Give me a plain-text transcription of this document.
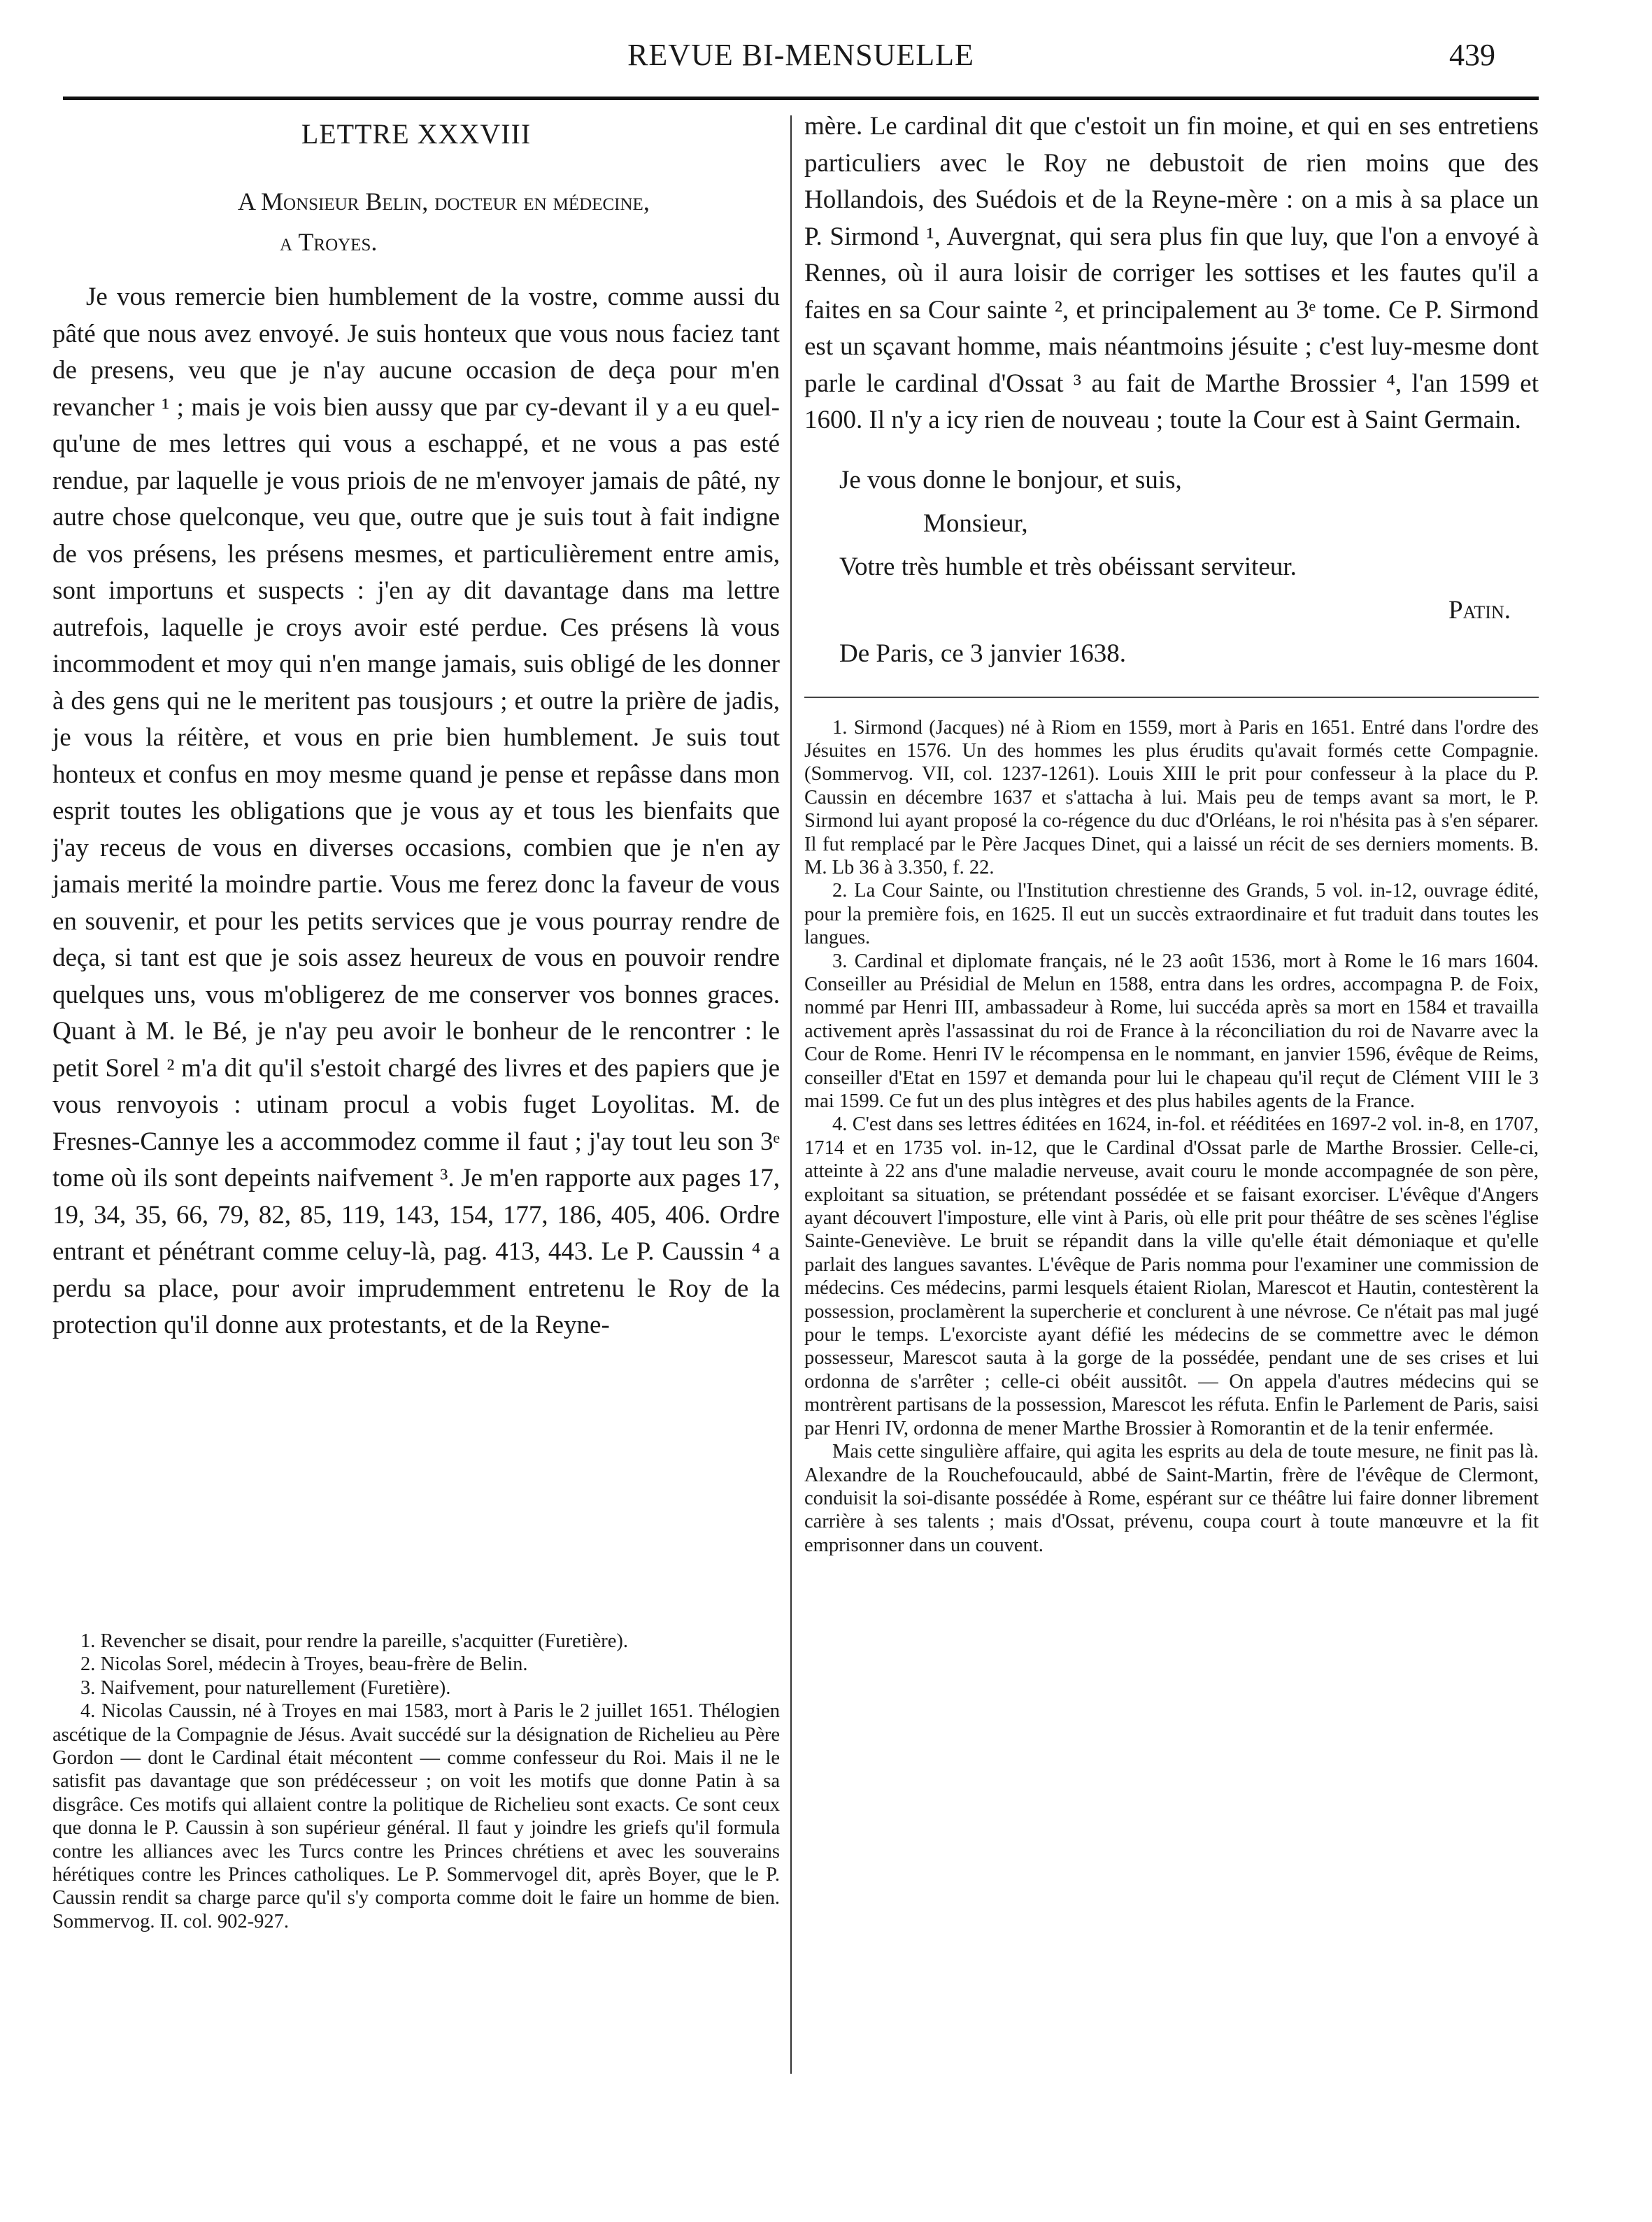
REVUE BI-MENSUELLE	439
LETTRE XXXVIII
A Monsieur Belin, docteur en médecine,
a Troyes.

Je vous remercie bien humblement de la vostre, comme aussi du pâté que nous avez envoyé. Je suis honteux que vous nous faciez tant de presens, veu que je n'ay aucune occasion de deça pour m'en revancher ¹ ; mais je vois bien aussy que par cy-devant il y a eu quel-qu'une de mes lettres qui vous a eschappé, et ne vous a pas esté rendue, par laquelle je vous priois de ne m'envoyer jamais de pâté, ny autre chose quelconque, veu que, outre que je suis tout à fait indigne de vos présens, les présens mesmes, et particulièrement entre amis, sont importuns et suspects : j'en ay dit davantage dans ma lettre autrefois, laquelle je croys avoir esté perdue. Ces présens là vous incommodent et moy qui n'en mange jamais, suis obligé de les donner à des gens qui ne le meritent pas tousjours ; et outre la prière de jadis, je vous la réitère, et vous en prie bien humblement. Je suis tout honteux et confus en moy mesme quand je pense et repâsse dans mon esprit toutes les obligations que je vous ay et tous les bienfaits que j'ay receus de vous en diverses occasions, combien que je n'en ay jamais merité la moindre partie. Vous me ferez donc la faveur de vous en souvenir, et pour les petits services que je vous pourray rendre de deça, si tant est que je sois assez heureux de vous en pouvoir rendre quelques uns, vous m'obligerez de me conserver vos bonnes graces. Quant à M. le Bé, je n'ay peu avoir le bonheur de le rencontrer : le petit Sorel ² m'a dit qu'il s'estoit chargé des livres et des papiers que je vous renvoyois : utinam procul a vobis fuget Loyolitas. M. de Fresnes-Cannye les a accommodez comme il faut ; j'ay tout leu son 3ᵉ tome où ils sont depeints naifvement ³. Je m'en rapporte aux pages 17, 19, 34, 35, 66, 79, 82, 85, 119, 143, 154, 177, 186, 405, 406. Ordre entrant et pénétrant comme celuy-là, pag. 413, 443. Le P. Caussin ⁴ a perdu sa place, pour avoir imprudemment entretenu le Roy de la protection qu'il donne aux protestants, et de la Reyne-

1. Revencher se disait, pour rendre la pareille, s'acquitter (Furetière).

2. Nicolas Sorel, médecin à Troyes, beau-frère de Belin.

3. Naifvement, pour naturellement (Furetière).

4. Nicolas Caussin, né à Troyes en mai 1583, mort à Paris le 2 juillet 1651. Thélogien ascétique de la Compagnie de Jésus. Avait succédé sur la désignation de Richelieu au Père Gordon — dont le Cardinal était mécontent — comme confesseur du Roi. Mais il ne le satisfit pas davantage que son prédécesseur ; on voit les motifs que donne Patin à sa disgrâce. Ces motifs qui allaient contre la politique de Richelieu sont exacts. Ce sont ceux que donna le P. Caussin à son supérieur général. Il faut y joindre les griefs qu'il formula contre les alliances avec les Turcs contre les Princes chrétiens et avec les souverains hérétiques contre les Princes catholiques. Le P. Sommervogel dit, après Boyer, que le P. Caussin rendit sa charge parce qu'il s'y comporta comme doit le faire un homme de bien. Sommervog. II. col. 902-927.

mère. Le cardinal dit que c'estoit un fin moine, et qui en ses entretiens particuliers avec le Roy ne debustoit de rien moins que des Hollandois, des Suédois et de la Reyne-mère : on a mis à sa place un P. Sirmond ¹, Auvergnat, qui sera plus fin que luy, que l'on a envoyé à Rennes, où il aura loisir de corriger les sottises et les fautes qu'il a faites en sa Cour sainte ², et principalement au 3ᵉ tome. Ce P. Sirmond est un sçavant homme, mais néantmoins jésuite ; c'est luy-mesme dont parle le cardinal d'Ossat ³ au fait de Marthe Brossier ⁴, l'an 1599 et 1600. Il n'y a icy rien de nouveau ; toute la Cour est à Saint Germain.

Je vous donne le bonjour, et suis,

Monsieur,

Votre très humble et très obéissant serviteur.

Patin.

De Paris, ce 3 janvier 1638.

1. Sirmond (Jacques) né à Riom en 1559, mort à Paris en 1651. Entré dans l'ordre des Jésuites en 1576. Un des hommes les plus érudits qu'avait formés cette Compagnie. (Sommervog. VII, col. 1237-1261). Louis XIII le prit pour confesseur à la place du P. Caussin en décembre 1637 et s'attacha à lui. Mais peu de temps avant sa mort, le P. Sirmond lui ayant proposé la co-régence du duc d'Orléans, le roi n'hésita pas à s'en séparer. Il fut remplacé par le Père Jacques Dinet, qui a laissé un récit de ses derniers moments. B. M. Lb 36 à 3.350, f. 22.

2. La Cour Sainte, ou l'Institution chrestienne des Grands, 5 vol. in-12, ouvrage édité, pour la première fois, en 1625. Il eut un succès extraordinaire et fut traduit dans toutes les langues.

3. Cardinal et diplomate français, né le 23 août 1536, mort à Rome le 16 mars 1604. Conseiller au Présidial de Melun en 1588, entra dans les ordres, accompagna P. de Foix, nommé par Henri III, ambassadeur à Rome, lui succéda après sa mort en 1584 et travailla activement après l'assassinat du roi de France à la réconciliation du roi de Navarre avec la Cour de Rome. Henri IV le récompensa en le nommant, en janvier 1596, évêque de Reims, conseiller d'Etat en 1597 et demanda pour lui le chapeau qu'il reçut de Clément VIII le 3 mai 1599. Ce fut un des plus intègres et des plus habiles agents de la France.

4. C'est dans ses lettres éditées en 1624, in-fol. et rééditées en 1697-2 vol. in-8, en 1707, 1714 et en 1735 vol. in-12, que le Cardinal d'Ossat parle de Marthe Brossier. Celle-ci, atteinte à 22 ans d'une maladie nerveuse, avait couru le monde accompagnée de son père, exploitant sa situation, se prétendant possédée et se faisant exorciser. L'évêque d'Angers ayant découvert l'imposture, elle vint à Paris, où elle prit pour théâtre de ses scènes l'église Sainte-Geneviève. Le bruit se répandit dans la ville qu'elle était démoniaque et qu'elle parlait des langues savantes. L'évêque de Paris nomma pour l'examiner une commission de médecins. Ces médecins, parmi lesquels étaient Riolan, Marescot et Hautin, contestèrent la possession, proclamèrent la supercherie et conclurent à une névrose. Ce n'était pas mal jugé pour le temps. L'exorciste ayant défié les médecins de se commettre avec le démon possesseur, Marescot sauta à la gorge de la possédée, pendant une de ses crises et lui ordonna de s'arrêter ; celle-ci obéit aussitôt. — On appela d'autres médecins qui se montrèrent partisans de la possession, Marescot les réfuta. Enfin le Parlement de Paris, saisi par Henri IV, ordonna de mener Marthe Brossier à Romorantin et de la tenir enfermée.

Mais cette singulière affaire, qui agita les esprits au dela de toute mesure, ne finit pas là. Alexandre de la Rouchefoucauld, abbé de Saint-Martin, frère de l'évêque de Clermont, conduisit la soi-disante possédée à Rome, espérant sur ce théâtre lui faire donner librement carrière à ses talents ; mais d'Ossat, prévenu, coupa court à toute manœuvre et la fit emprisonner dans un couvent.
